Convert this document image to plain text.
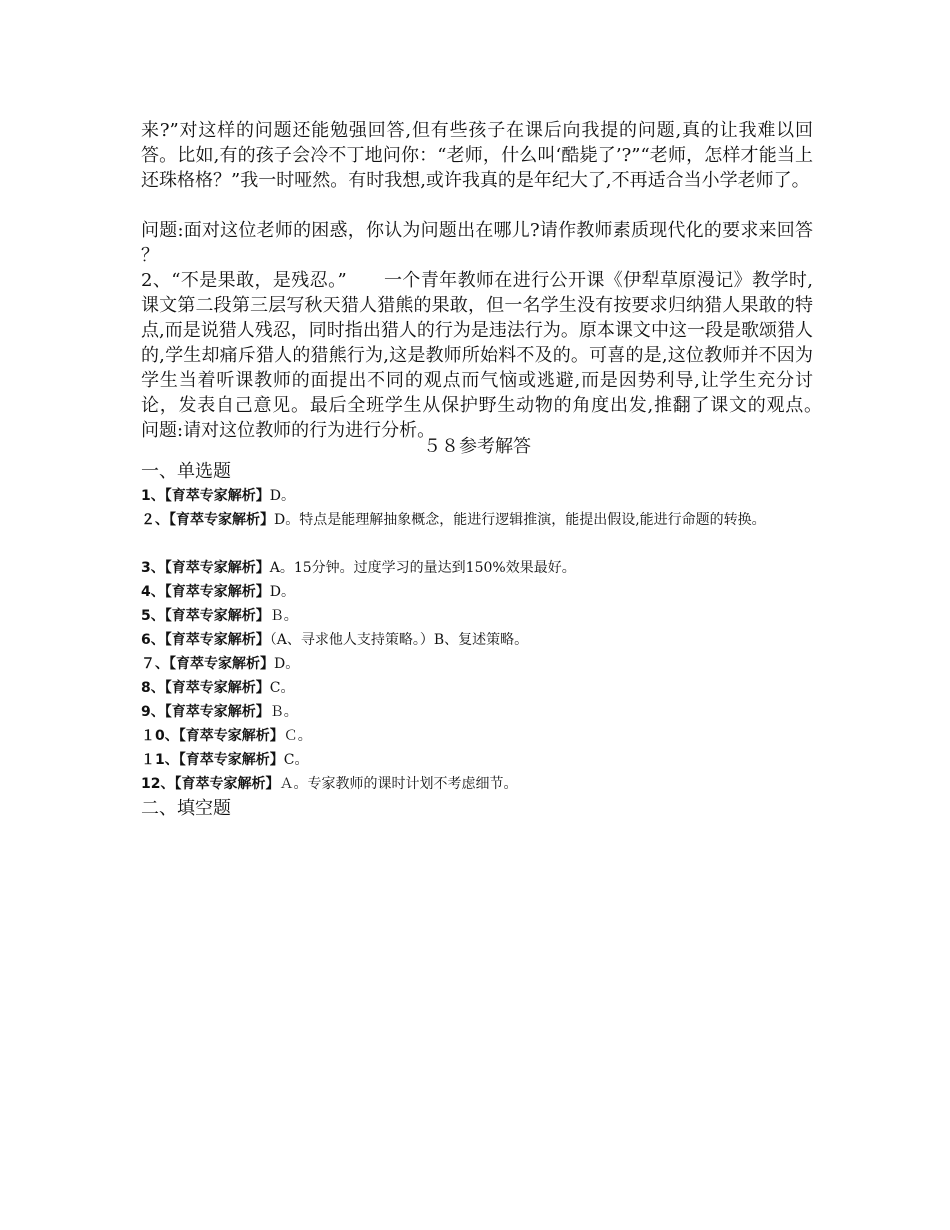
来?”对这样的问题还能勉强回答,但有些孩子在课后向我提的问题,真的让我难以回答。比如,有的孩子会冷不丁地问你：“老师，什么叫‘酷毙了’?”“老师，怎样才能当上还珠格格？”我一时哑然。有时我想,或许我真的是年纪大了,不再适合当小学老师了。
问题:面对这位老师的困惑，你认为问题出在哪儿?请作教师素质现代化的要求来回答 ？
2、“不是果敢，是残忍。”　　一个青年教师在进行公开课《伊犁草原漫记》教学时,课文第二段第三层写秋天猎人猎熊的果敢，但一名学生没有按要求归纳猎人果敢的特点,而是说猎人残忍，同时指出猎人的行为是违法行为。原本课文中这一段是歌颂猎人的,学生却痛斥猎人的猎熊行为,这是教师所始料不及的。可喜的是,这位教师并不因为学生当着听课教师的面提出不同的观点而气恼或逃避,而是因势利导,让学生充分讨论，发表自己意见。最后全班学生从保护野生动物的角度出发,推翻了课文的观点。　　问题:请对这位教师的行为进行分析。
５８参考解答
一、单选题
1、【育萃专家解析】D。
２、【育萃专家解析】D。特点是能理解抽象概念，能进行逻辑推演，能提出假设,能进行命题的转换。
3、【育萃专家解析】A。15分钟。过度学习的量达到150%效果最好。
4、【育萃专家解析】D。
5、【育萃专家解析】Ｂ。
6、【育萃专家解析】（A、寻求他人支持策略。）B、复述策略。
７、【育萃专家解析】D。
8、【育萃专家解析】C。
9、【育萃专家解析】Ｂ。
１0、【育萃专家解析】Ｃ。
１1、【育萃专家解析】C。
12、【育萃专家解析】Ａ。专家教师的课时计划不考虑细节。
二、填空题
